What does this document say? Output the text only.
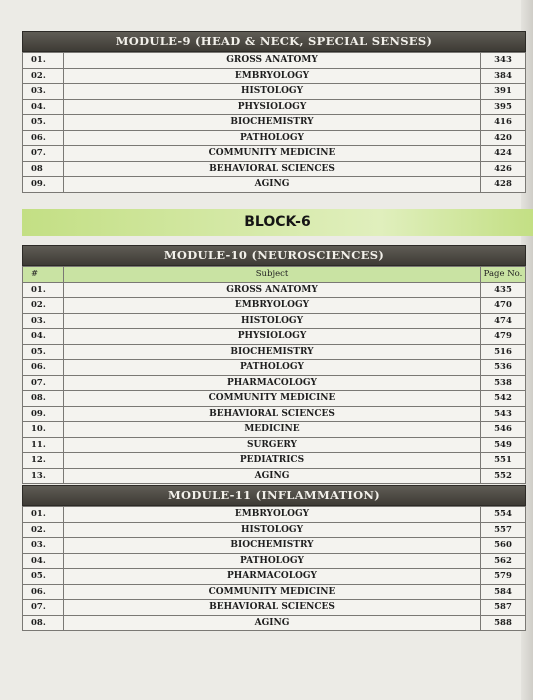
MODULE-9 (HEAD & NECK, SPECIAL SENSES)
01.	GROSS ANATOMY	343
02.	EMBRYOLOGY	384
03.	HISTOLOGY	391
04.	PHYSIOLOGY	395
05.	BIOCHEMISTRY	416
06.	PATHOLOGY	420
07.	COMMUNITY MEDICINE	424
08	BEHAVIORAL SCIENCES	426
09.	AGING	428
BLOCK-6
MODULE-10 (NEUROSCIENCES)
#	Subject	Page No.
01.	GROSS ANATOMY	435
02.	EMBRYOLOGY	470
03.	HISTOLOGY	474
04.	PHYSIOLOGY	479
05.	BIOCHEMISTRY	516
06.	PATHOLOGY	536
07.	PHARMACOLOGY	538
08.	COMMUNITY MEDICINE	542
09.	BEHAVIORAL SCIENCES	543
10.	MEDICINE	546
11.	SURGERY	549
12.	PEDIATRICS	551
13.	AGING	552
MODULE-11 (INFLAMMATION)
01.	EMBRYOLOGY	554
02.	HISTOLOGY	557
03.	BIOCHEMISTRY	560
04.	PATHOLOGY	562
05.	PHARMACOLOGY	579
06.	COMMUNITY MEDICINE	584
07.	BEHAVIORAL SCIENCES	587
08.	AGING	588
